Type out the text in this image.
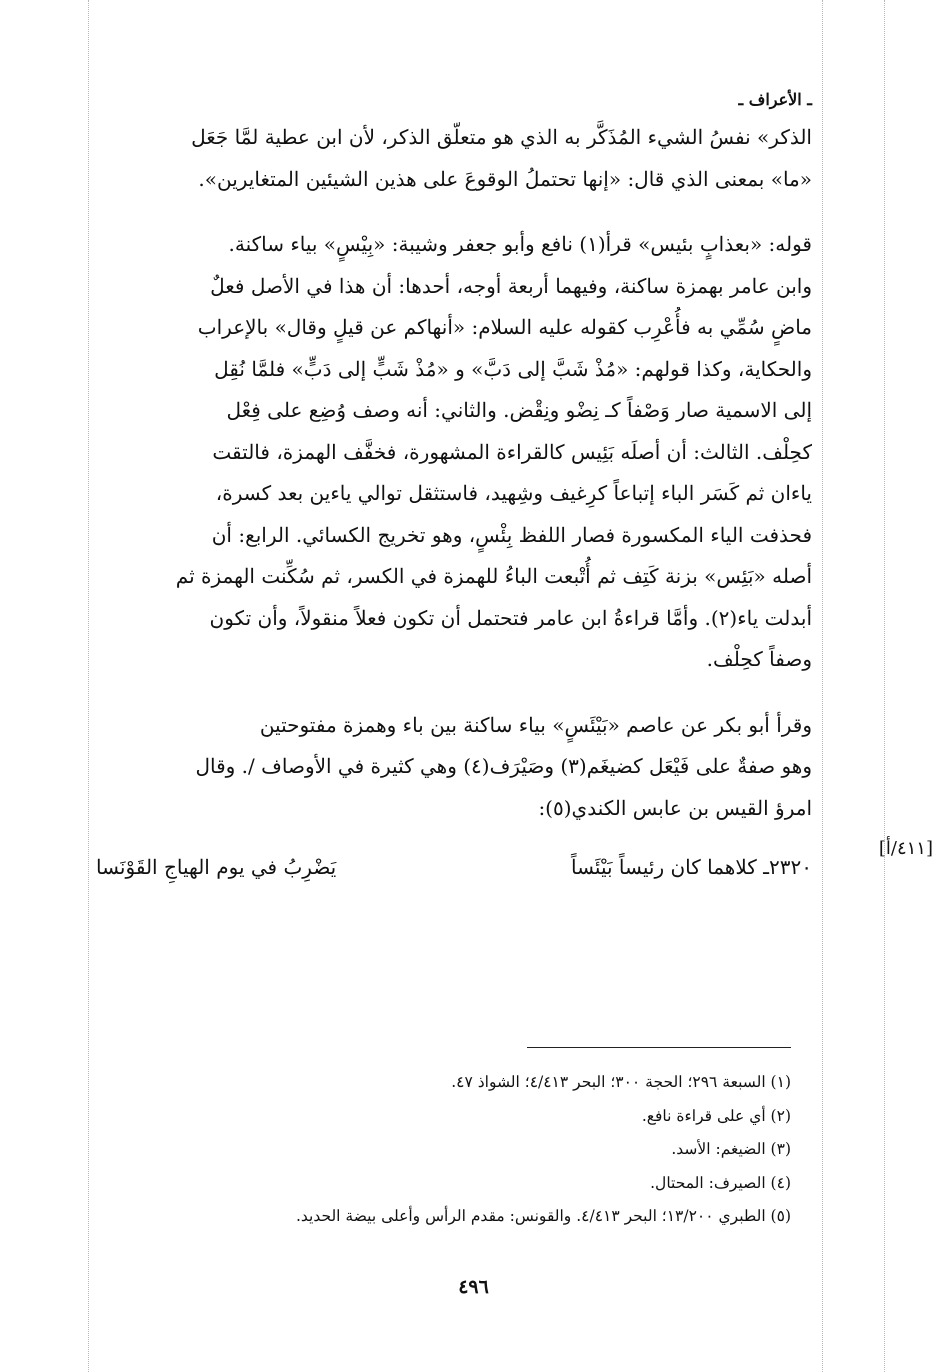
ـ الأعراف ـ
الذكر» نفسُ الشيء المُذَكَّر به الذي هو متعلّق الذكر، لأن ابن عطية لمَّا جَعَل
«ما» بمعنى الذي قال: «إنها تحتملُ الوقوعَ على هذين الشيئين المتغايرين».
قوله: «بعذابٍ بئيس» قرأ(١) نافع وأبو جعفر وشيبة: «بِيْسٍ» بياء ساكنة.
وابن عامر بهمزة ساكنة، وفيهما أربعة أوجه، أحدها: أن هذا في الأصل فعلٌ
ماضٍ سُمِّي به فأُعْرِب كقوله عليه السلام: «أنهاكم عن قيلٍ وقال» بالإعراب
والحكاية، وكذا قولهم: «مُذْ شَبَّ إلى دَبَّ» و «مُذْ شَبٍّ إلى دَبٍّ» فلمَّا نُقِل
إلى الاسمية صار وَصْفاً كـ نِضْو ونِقْض. والثاني: أنه وصف وُضِع على فِعْل
كحِلْف. الثالث: أن أصلَه بَئِيس كالقراءة المشهورة، فخفَّف الهمزة، فالتقت
ياءان ثم كَسَر الباء إتباعاً كرِغيف وشِهيد، فاستثقل توالي ياءين بعد كسرة،
فحذفت الياء المكسورة فصار اللفظ بِئْسٍ، وهو تخريج الكسائي. الرابع: أن
أصله «بَئِس» بزنة كَتِف ثم أُتْبعت الباءُ للهمزة في الكسر، ثم سُكِّنت الهمزة ثم
أبدلت ياء(٢). وأمَّا قراءةُ ابن عامر فتحتمل أن تكون فعلاً منقولاً، وأن تكون
وصفاً كحِلْف.
وقرأ أبو بكر عن عاصم «بَيْئَسٍ» بياء ساكنة بين باء وهمزة مفتوحتين
وهو صفةٌ على فَيْعَل كضيغَم(٣) وصَيْرَف(٤) وهي كثيرة في الأوصاف /. وقال
امرؤ القيس بن عابس الكندي(٥):
٢٣٢٠ـ كلاهما كان رئيساً بَيْئَساً
يَضْرِبُ في يوم الهياجِ القَوْنَسا
[٤١١/أ]
(١) السبعة ٢٩٦؛ الحجة ٣٠٠؛ البحر ٤/٤١٣؛ الشواذ ٤٧.
(٢) أي على قراءة نافع.
(٣) الضيغم: الأسد.
(٤) الصيرف: المحتال.
(٥) الطبري ١٣/٢٠٠؛ البحر ٤/٤١٣. والقونس: مقدم الرأس وأعلى بيضة الحديد.
٤٩٦
